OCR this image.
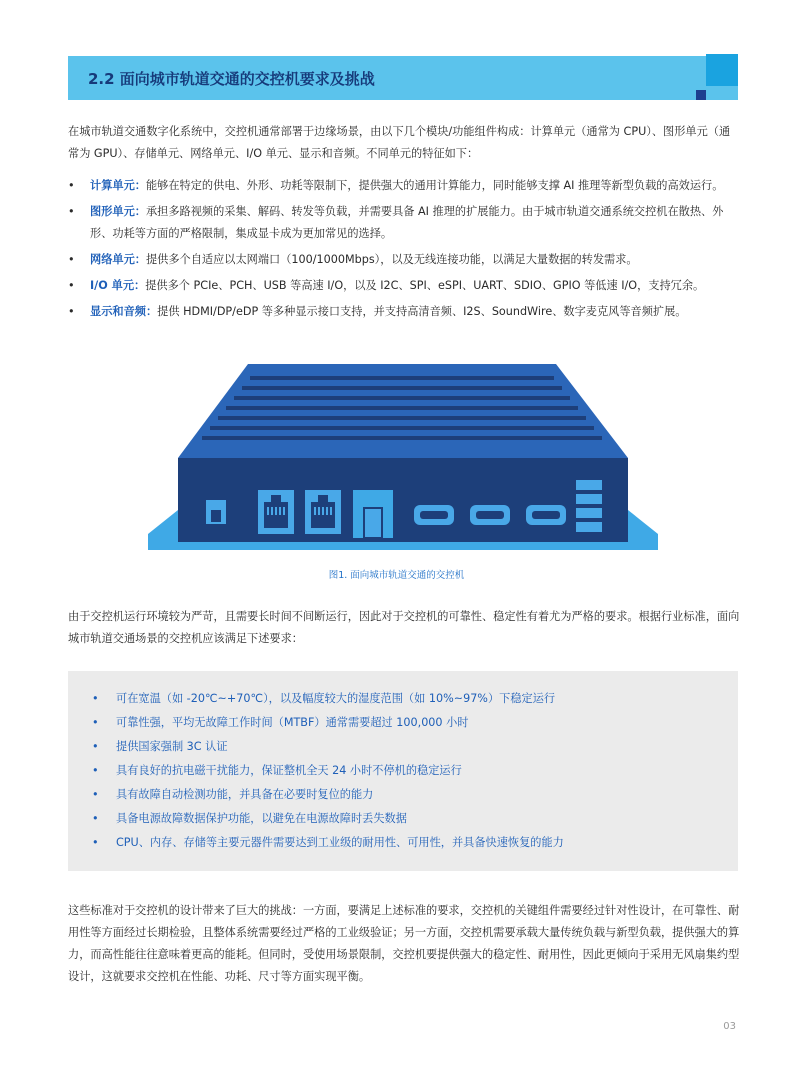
2.2 面向城市轨道交通的交控机要求及挑战
在城市轨道交通数字化系统中，交控机通常部署于边缘场景，由以下几个模块/功能组件构成：计算单元（通常为 CPU）、图形单元（通常为 GPU）、存储单元、网络单元、I/O 单元、显示和音频。不同单元的特征如下：
• 计算单元：能够在特定的供电、外形、功耗等限制下，提供强大的通用计算能力，同时能够支撑 AI 推理等新型负载的高效运行。
• 图形单元：承担多路视频的采集、解码、转发等负载，并需要具备 AI 推理的扩展能力。由于城市轨道交通系统交控机在散热、外形、功耗等方面的严格限制，集成显卡成为更加常见的选择。
• 网络单元：提供多个自适应以太网端口（100/1000Mbps），以及无线连接功能，以满足大量数据的转发需求。
• I/O 单元：提供多个 PCIe、PCH、USB 等高速 I/O，以及 I2C、SPI、eSPI、UART、SDIO、GPIO 等低速 I/O，支持冗余。
• 显示和音频：提供 HDMI/DP/eDP 等多种显示接口支持，并支持高清音频、I2S、SoundWire、数字麦克风等音频扩展。
图1. 面向城市轨道交通的交控机
由于交控机运行环境较为严苛，且需要长时间不间断运行，因此对于交控机的可靠性、稳定性有着尤为严格的要求。根据行业标准，面向城市轨道交通场景的交控机应该满足下述要求：
• 可在宽温（如 -20℃~+70℃），以及幅度较大的湿度范围（如 10%~97%）下稳定运行
• 可靠性强，平均无故障工作时间（MTBF）通常需要超过 100,000 小时
• 提供国家强制 3C 认证
• 具有良好的抗电磁干扰能力，保证整机全天 24 小时不停机的稳定运行
• 具有故障自动检测功能，并具备在必要时复位的能力
• 具备电源故障数据保护功能，以避免在电源故障时丢失数据
• CPU、内存、存储等主要元器件需要达到工业级的耐用性、可用性，并具备快速恢复的能力
这些标准对于交控机的设计带来了巨大的挑战：一方面，要满足上述标准的要求，交控机的关键组件需要经过针对性设计，在可靠性、耐用性等方面经过长期检验，且整体系统需要经过严格的工业级验证；另一方面，交控机需要承载大量传统负载与新型负载，提供强大的算力，而高性能往往意味着更高的能耗。但同时，受使用场景限制，交控机要提供强大的稳定性、耐用性，因此更倾向于采用无风扇集约型设计，这就要求交控机在性能、功耗、尺寸等方面实现平衡。
03
